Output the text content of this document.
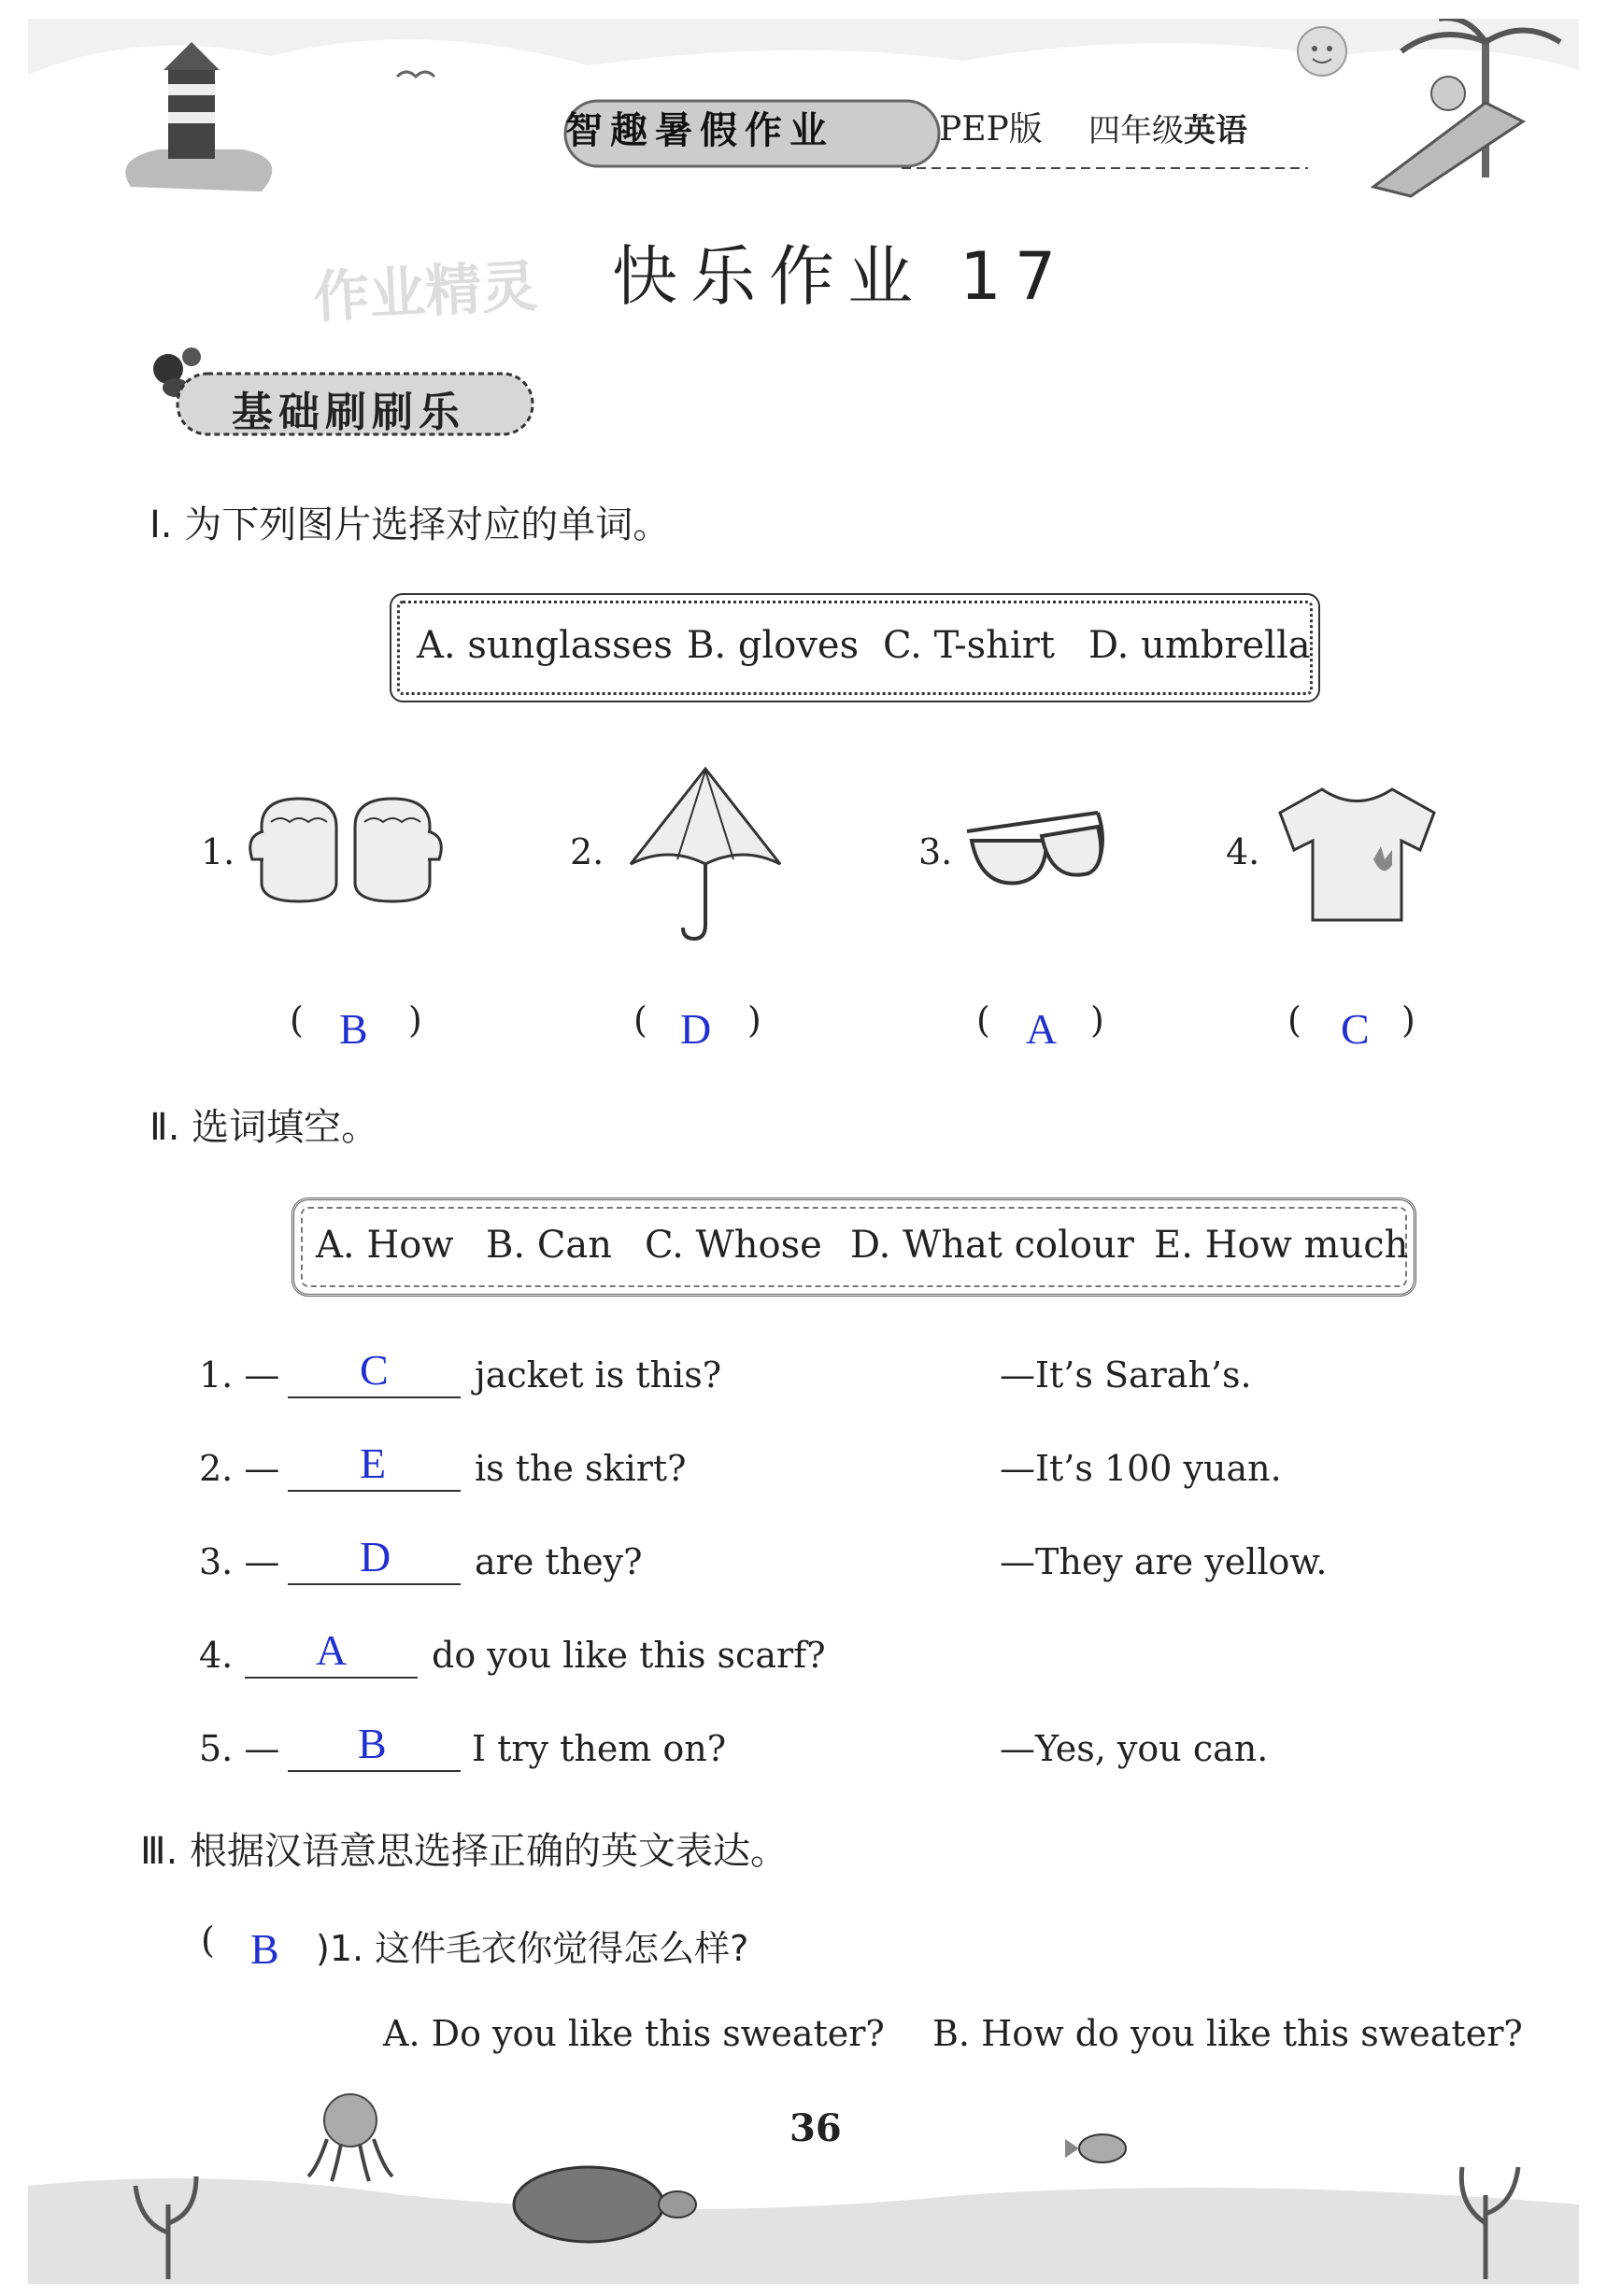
智趣暑假作业	PEP版 四年级英语
作业精灵 快乐作业 17
基础刷刷乐
Ⅰ. 为下列图片选择对应的单词。
A. sunglasses B. gloves C. T-shirt D. umbrella
1.	2.	3.	4.
( B )	( D )	( A )	( C )
Ⅱ. 选词填空。
A. How B. Can C. Whose D. What colour E. How much
1. — C jacket is this?	—It’s Sarah’s.
2. — E is the skirt?	—It’s 100 yuan.
3. — D are they?	—They are yellow.
4. A do you like this scarf?
5. — B I try them on?	—Yes, you can.
Ⅲ. 根据汉语意思选择正确的英文表达。
( B )1. 这件毛衣你觉得怎么样?
A. Do you like this sweater? B. How do you like this sweater?
36
